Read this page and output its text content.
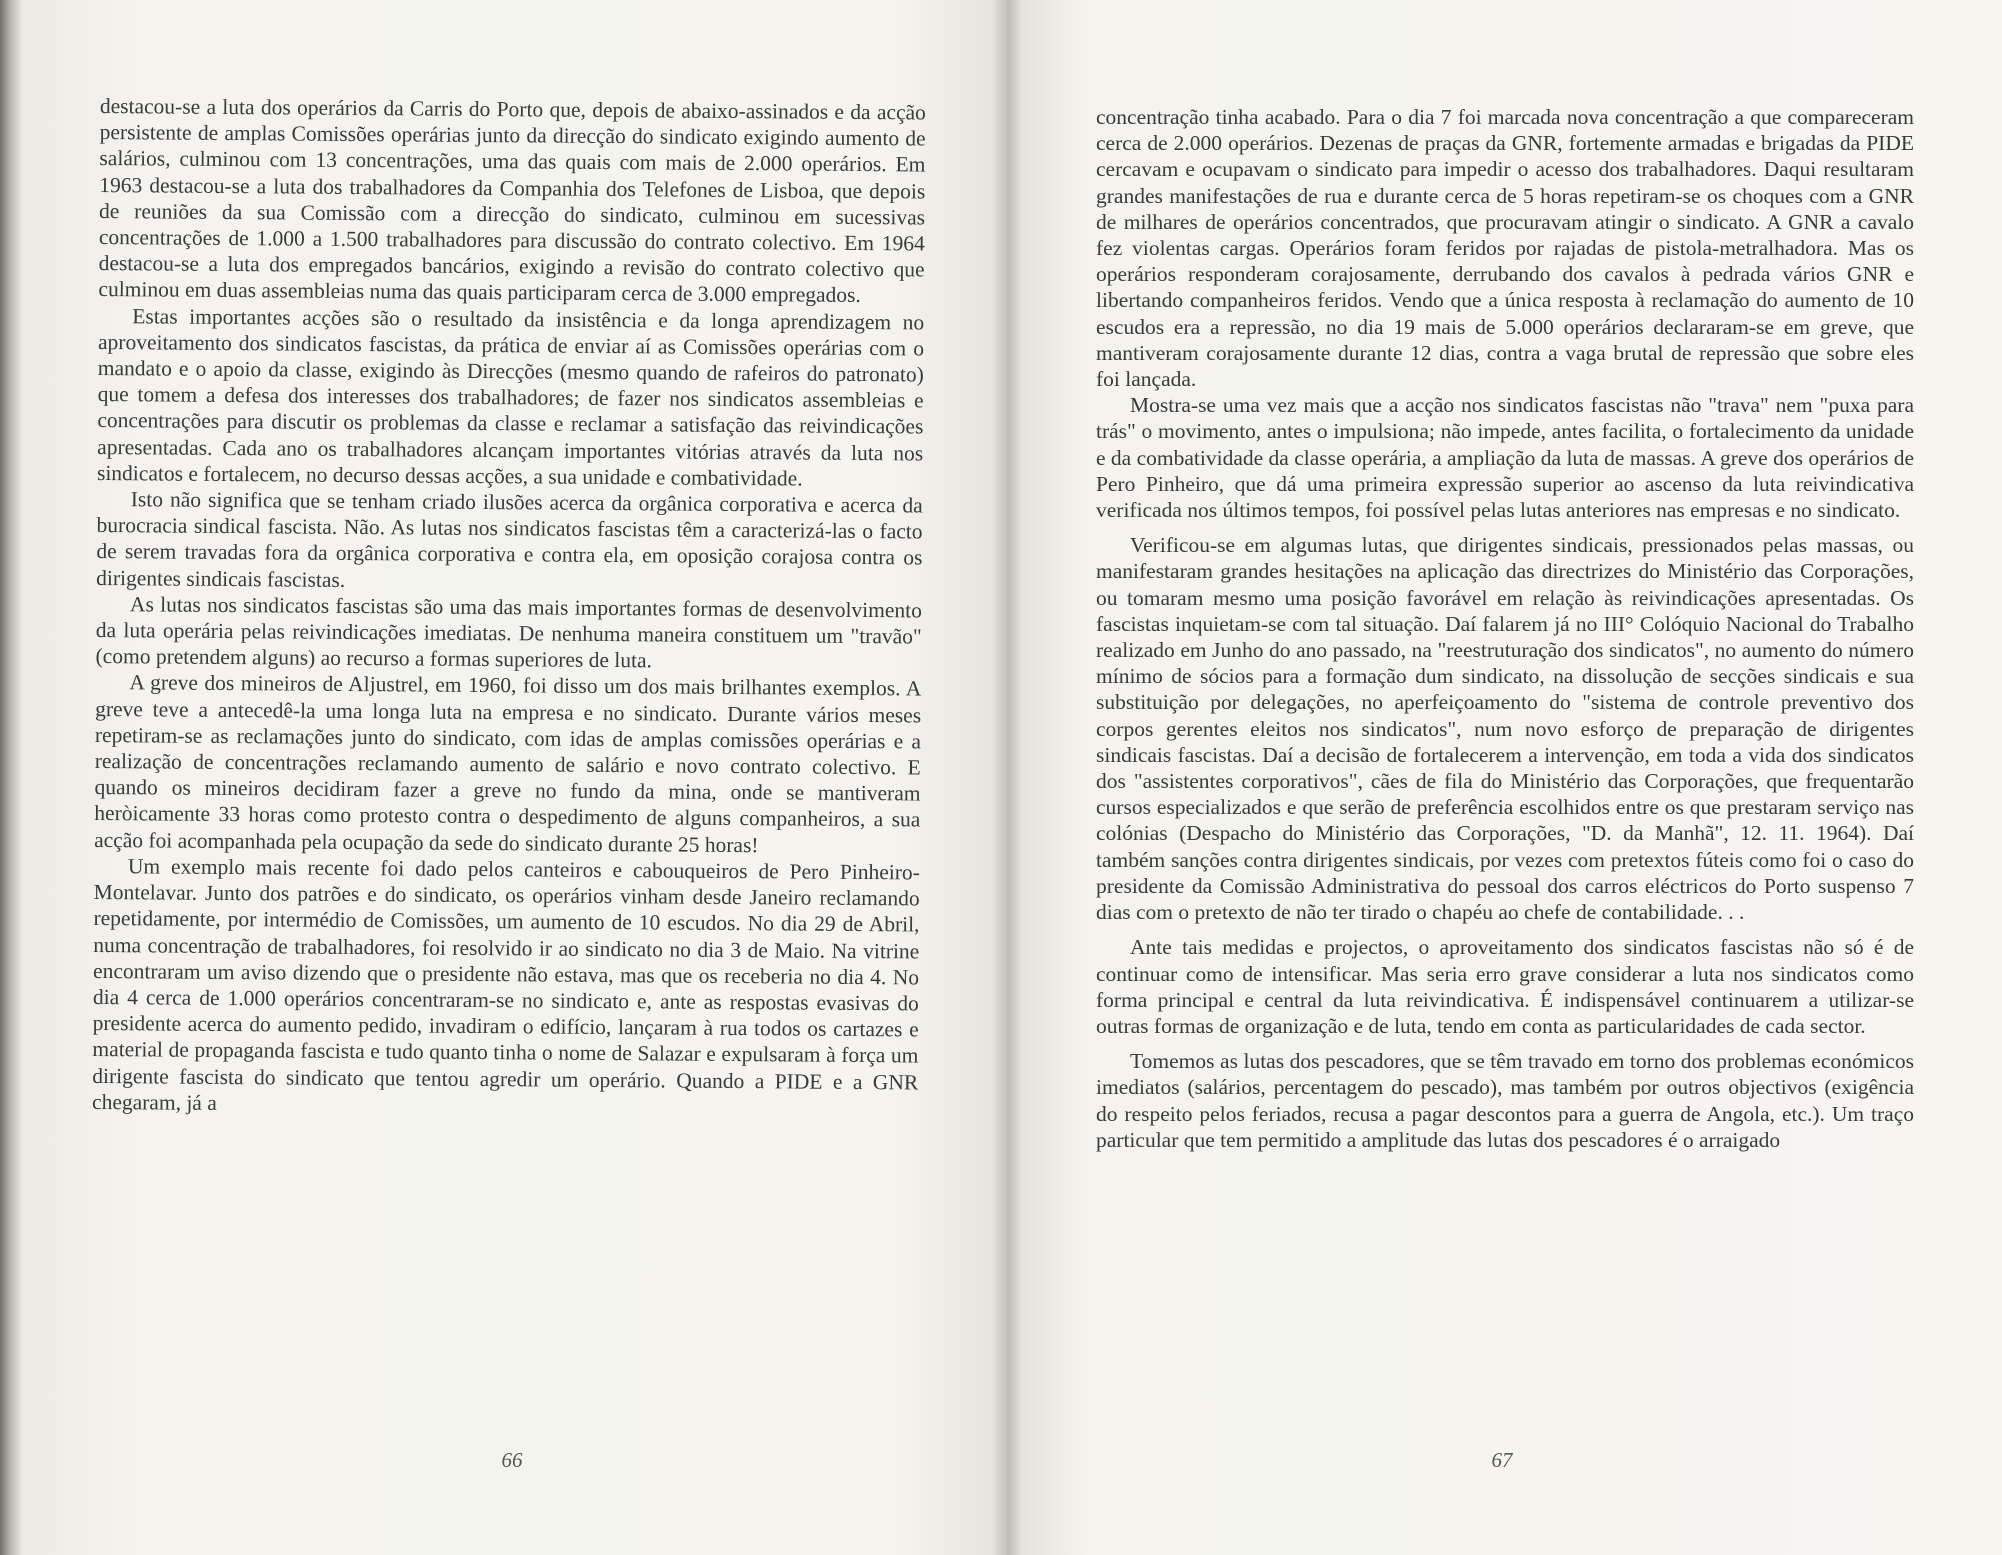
destacou-se a luta dos operários da Carris do Porto que, depois de abaixo-assinados e da acção persistente de amplas Comissões operárias junto da direcção do sindicato exigindo aumento de salários, culminou com 13 concentrações, uma das quais com mais de 2.000 operários. Em 1963 destacou-se a luta dos trabalhadores da Companhia dos Telefones de Lisboa, que depois de reuniões da sua Comissão com a direcção do sindicato, culminou em sucessivas concentrações de 1.000 a 1.500 trabalhadores para discussão do contrato colectivo. Em 1964 destacou-se a luta dos empregados bancários, exigindo a revisão do contrato colectivo que culminou em duas assembleias numa das quais participaram cerca de 3.000 empregados.

Estas importantes acções são o resultado da insistência e da longa aprendizagem no aproveitamento dos sindicatos fascistas, da prática de enviar aí as Comissões operárias com o mandato e o apoio da classe, exigindo às Direcções (mesmo quando de rafeiros do patronato) que tomem a defesa dos interesses dos trabalhadores; de fazer nos sindicatos assembleias e concentrações para discutir os problemas da classe e reclamar a satisfação das reivindicações apresentadas. Cada ano os trabalhadores alcançam importantes vitórias através da luta nos sindicatos e fortalecem, no decurso dessas acções, a sua unidade e combatividade.

Isto não significa que se tenham criado ilusões acerca da orgânica corporativa e acerca da burocracia sindical fascista. Não. As lutas nos sindicatos fascistas têm a caracterizá-las o facto de serem travadas fora da orgânica corporativa e contra ela, em oposição corajosa contra os dirigentes sindicais fascistas.

As lutas nos sindicatos fascistas são uma das mais importantes formas de desenvolvimento da luta operária pelas reivindicações imediatas. De nenhuma maneira constituem um "travão" (como pretendem alguns) ao recurso a formas superiores de luta.

A greve dos mineiros de Aljustrel, em 1960, foi disso um dos mais brilhantes exemplos. A greve teve a antecedê-la uma longa luta na empresa e no sindicato. Durante vários meses repetiram-se as reclamações junto do sindicato, com idas de amplas comissões operárias e a realização de concentrações reclamando aumento de salário e novo contrato colectivo. E quando os mineiros decidiram fazer a greve no fundo da mina, onde se mantiveram heròicamente 33 horas como protesto contra o despedimento de alguns companheiros, a sua acção foi acompanhada pela ocupação da sede do sindicato durante 25 horas!

Um exemplo mais recente foi dado pelos canteiros e cabouqueiros de Pero Pinheiro-Montelavar. Junto dos patrões e do sindicato, os operários vinham desde Janeiro reclamando repetidamente, por intermédio de Comissões, um aumento de 10 escudos. No dia 29 de Abril, numa concentração de trabalhadores, foi resolvido ir ao sindicato no dia 3 de Maio. Na vitrine encontraram um aviso dizendo que o presidente não estava, mas que os receberia no dia 4. No dia 4 cerca de 1.000 operários concentraram-se no sindicato e, ante as respostas evasivas do presidente acerca do aumento pedido, invadiram o edifício, lançaram à rua todos os cartazes e material de propaganda fascista e tudo quanto tinha o nome de Salazar e expulsaram à força um dirigente fascista do sindicato que tentou agredir um operário. Quando a PIDE e a GNR chegaram, já a

concentração tinha acabado. Para o dia 7 foi marcada nova concentração a que compareceram cerca de 2.000 operários. Dezenas de praças da GNR, fortemente armadas e brigadas da PIDE cercavam e ocupavam o sindicato para impedir o acesso dos trabalhadores. Daqui resultaram grandes manifestações de rua e durante cerca de 5 horas repetiram-se os choques com a GNR de milhares de operários concentrados, que procuravam atingir o sindicato. A GNR a cavalo fez violentas cargas. Operários foram feridos por rajadas de pistola-metralhadora. Mas os operários responderam corajosamente, derrubando dos cavalos à pedrada vários GNR e libertando companheiros feridos. Vendo que a única resposta à reclamação do aumento de 10 escudos era a repressão, no dia 19 mais de 5.000 operários declararam-se em greve, que mantiveram corajosamente durante 12 dias, contra a vaga brutal de repressão que sobre eles foi lançada.

Mostra-se uma vez mais que a acção nos sindicatos fascistas não "trava" nem "puxa para trás" o movimento, antes o impulsiona; não impede, antes facilita, o fortalecimento da unidade e da combatividade da classe operária, a ampliação da luta de massas. A greve dos operários de Pero Pinheiro, que dá uma primeira expressão superior ao ascenso da luta reivindicativa verificada nos últimos tempos, foi possível pelas lutas anteriores nas empresas e no sindicato.

Verificou-se em algumas lutas, que dirigentes sindicais, pressionados pelas massas, ou manifestaram grandes hesitações na aplicação das directrizes do Ministério das Corporações, ou tomaram mesmo uma posição favorável em relação às reivindicações apresentadas. Os fascistas inquietam-se com tal situação. Daí falarem já no III° Colóquio Nacional do Trabalho realizado em Junho do ano passado, na "reestruturação dos sindicatos", no aumento do número mínimo de sócios para a formação dum sindicato, na dissolução de secções sindicais e sua substituição por delegações, no aperfeiçoamento do "sistema de controle preventivo dos corpos gerentes eleitos nos sindicatos", num novo esforço de preparação de dirigentes sindicais fascistas. Daí a decisão de fortalecerem a intervenção, em toda a vida dos sindicatos dos "assistentes corporativos", cães de fila do Ministério das Corporações, que frequentarão cursos especializados e que serão de preferência escolhidos entre os que prestaram serviço nas colónias (Despacho do Ministério das Corporações, "D. da Manhã", 12. 11. 1964). Daí também sanções contra dirigentes sindicais, por vezes com pretextos fúteis como foi o caso do presidente da Comissão Administrativa do pessoal dos carros eléctricos do Porto suspenso 7 dias com o pretexto de não ter tirado o chapéu ao chefe de contabilidade. . .

Ante tais medidas e projectos, o aproveitamento dos sindicatos fascistas não só é de continuar como de intensificar. Mas seria erro grave considerar a luta nos sindicatos como forma principal e central da luta reivindicativa. É indispensável continuarem a utilizar-se outras formas de organização e de luta, tendo em conta as particularidades de cada sector.

Tomemos as lutas dos pescadores, que se têm travado em torno dos problemas económicos imediatos (salários, percentagem do pescado), mas também por outros objectivos (exigência do respeito pelos feriados, recusa a pagar descontos para a guerra de Angola, etc.). Um traço particular que tem permitido a amplitude das lutas dos pescadores é o arraigado

66	67
